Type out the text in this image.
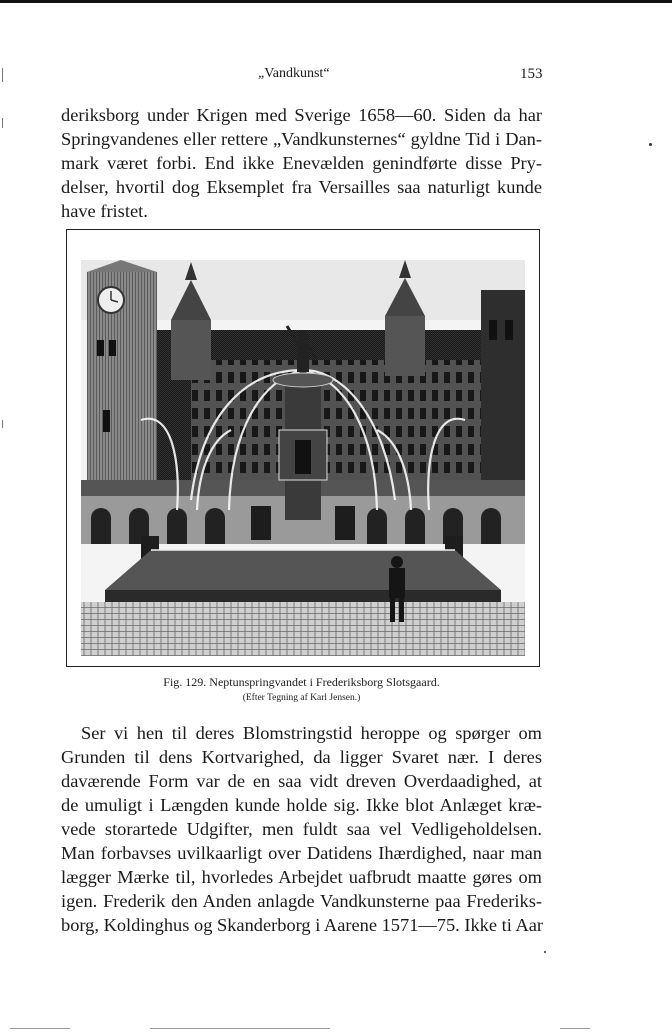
„Vandkunst“	153
deriksborg under Krigen med Sverige 1658—60. Siden da har
Springvandenes eller rettere „Vandkunsternes“ gyldne Tid i Dan-
mark været forbi. End ikke Enevælden genindførte disse Pry-
delser, hvortil dog Eksemplet fra Versailles saa naturligt kunde
have fristet.
Fig. 129. Neptunspringvandet i Frederiksborg Slotsgaard.
(Efter Tegning af Karl Jensen.)
Ser vi hen til deres Blomstringstid heroppe og spørger om
Grunden til dens Kortvarighed, da ligger Svaret nær. I deres
daværende Form var de en saa vidt dreven Overdaadighed, at
de umuligt i Længden kunde holde sig. Ikke blot Anlæget kræ-
vede storartede Udgifter, men fuldt saa vel Vedligeholdelsen.
Man forbavses uvilkaarligt over Datidens Ihærdighed, naar man
lægger Mærke til, hvorledes Arbejdet uafbrudt maatte gøres om
igen. Frederik den Anden anlagde Vandkunsterne paa Frederiks-
borg, Koldinghus og Skanderborg i Aarene 1571—75. Ikke ti Aar
